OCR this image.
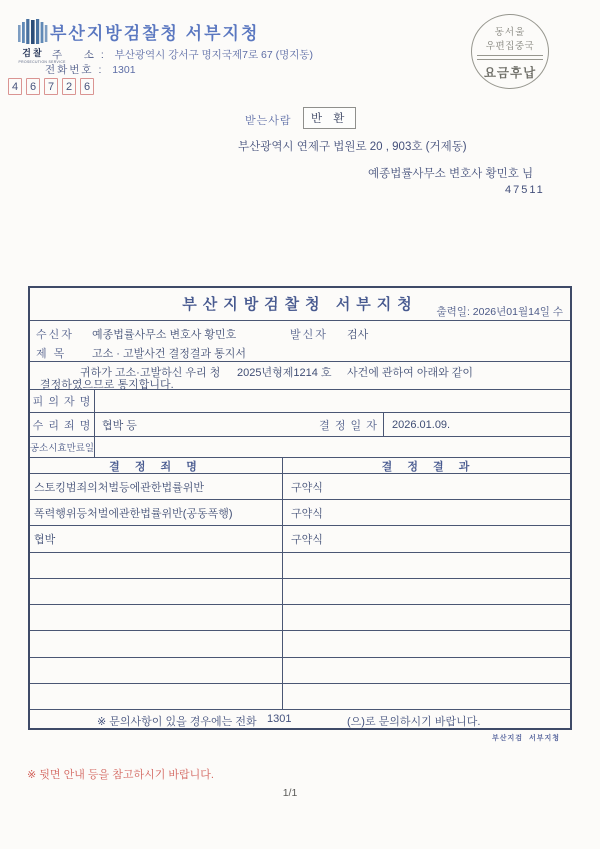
검찰
PROSECUTION SERVICE
부산지방검찰청 서부지청
주    소 : 부산광역시 강서구 명지국제7로 67 (명지동)
전화번호 : 1301
4	6	7	2	6
동서울
우편집중국
요금후납
받는사람	반 환
부산광역시 연제구 법원로 20 , 903호 (거제동)
예종법률사무소 변호사 황민호 님
47511
부산지방검찰청 서부지청	출력일: 2026년01월14일 수
수신자 예종법률사무소 변호사 황민호	발신자 검사
제 목 고소 · 고발사건 결정결과 통지서
귀하가 고소·고발하신 우리 청 2025년형제1214 호 사건에 관하여 아래와 같이
결정하였으므로 통지합니다.
피 의 자 명
수 리 죄 명 협박 등	결 정 일 자	2026.01.09.
공소시효만료일
결 정 죄 명	결 정 결 과
스토킹범죄의처벌등에관한법률위반	구약식
폭력행위등처벌에관한법률위반(공동폭행)	구약식
협박	구약식
※ 문의사항이 있을 경우에는 전화 1301	(으)로 문의하시기 바랍니다.
부산지검  서부지청
※ 뒷면 안내 등을 참고하시기 바랍니다.
1/1
